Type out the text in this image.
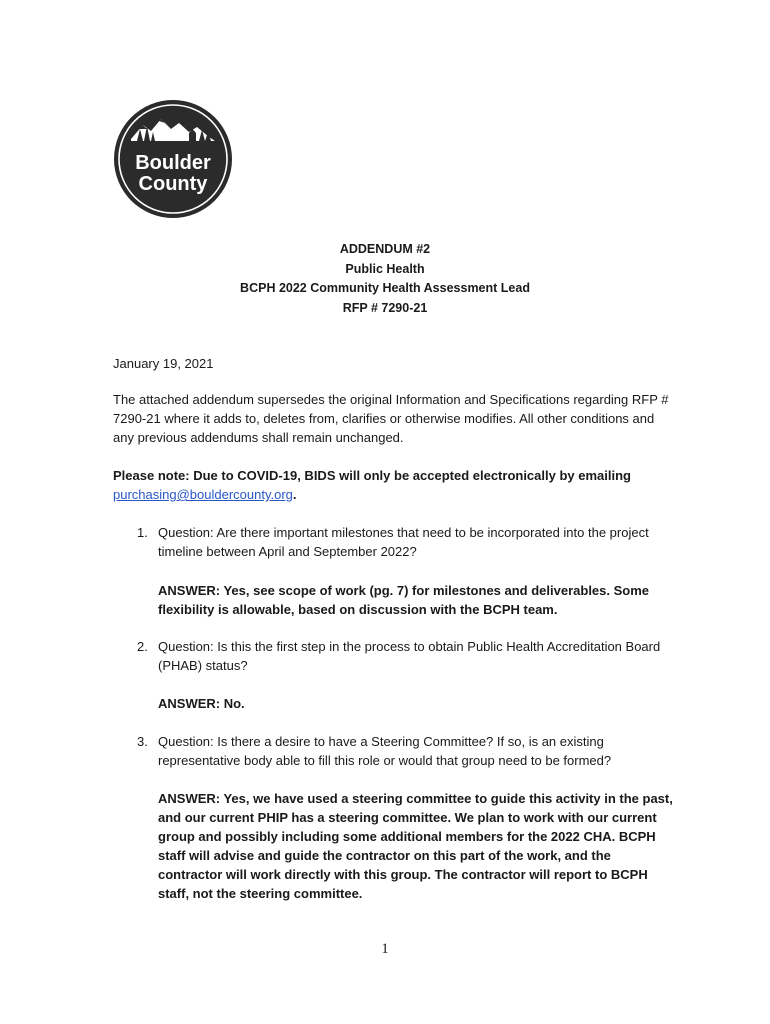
Boulder
County
ADDENDUM #2
Public Health
BCPH 2022 Community Health Assessment Lead
RFP # 7290-21
January 19, 2021
The attached addendum supersedes the original Information and Specifications regarding RFP # 7290-21 where it adds to, deletes from, clarifies or otherwise modifies. All other conditions and any previous addendums shall remain unchanged.
Please note: Due to COVID-19, BIDS will only be accepted electronically by emailing purchasing@bouldercounty.org.
1. Question: Are there important milestones that need to be incorporated into the project timeline between April and September 2022?
ANSWER: Yes, see scope of work (pg. 7) for milestones and deliverables. Some flexibility is allowable, based on discussion with the BCPH team.
2. Question: Is this the first step in the process to obtain Public Health Accreditation Board (PHAB) status?
ANSWER: No.
3. Question: Is there a desire to have a Steering Committee? If so, is an existing representative body able to fill this role or would that group need to be formed?
ANSWER: Yes, we have used a steering committee to guide this activity in the past, and our current PHIP has a steering committee. We plan to work with our current group and possibly including some additional members for the 2022 CHA. BCPH staff will advise and guide the contractor on this part of the work, and the contractor will work directly with this group. The contractor will report to BCPH staff, not the steering committee.
1
